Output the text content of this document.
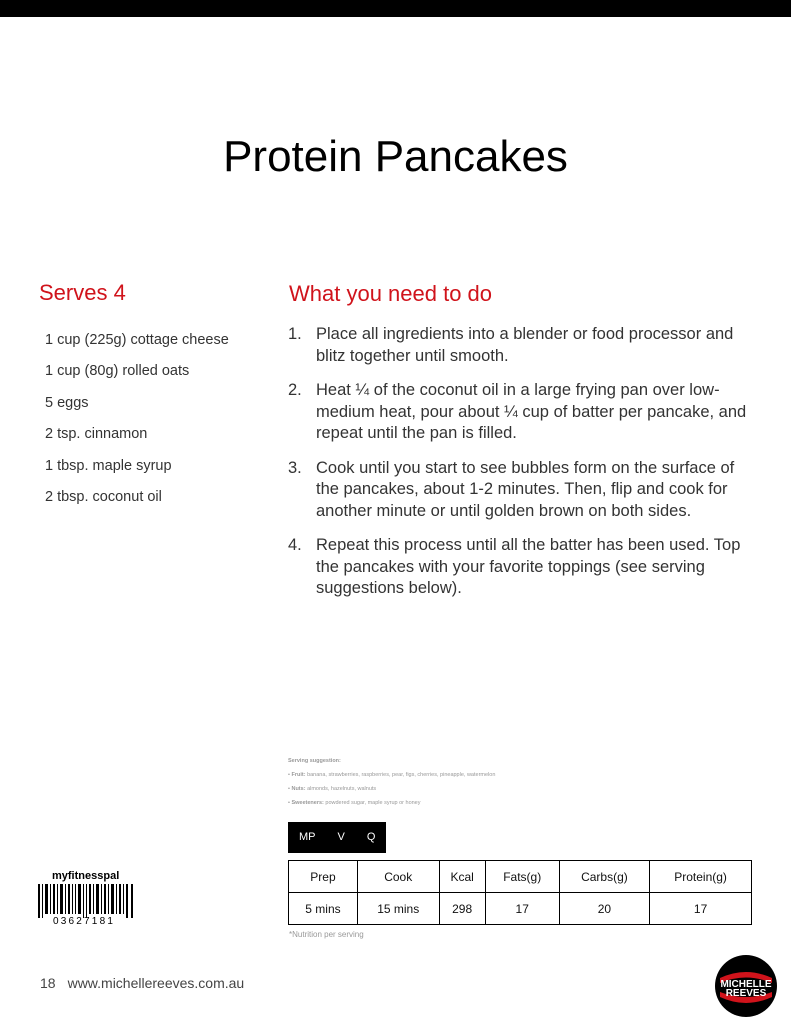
Protein Pancakes
Serves 4
1 cup (225g) cottage cheese
1 cup (80g) rolled oats
5 eggs
2 tsp. cinnamon
1 tbsp. maple syrup
2 tbsp. coconut oil
What you need to do
1. Place all ingredients into a blender or food processor and blitz together until smooth.
2. Heat ¼ of the coconut oil in a large frying pan over low-medium heat, pour about ¼ cup of batter per pancake, and repeat until the pan is filled.
3. Cook until you start to see bubbles form on the surface of the pancakes, about 1-2 minutes. Then, flip and cook for another minute or until golden brown on both sides.
4. Repeat this process until all the batter has been used. Top the pancakes with your favorite toppings (see serving suggestions below).
Serving suggestion:
• Fruit: banana, strawberries, raspberries, pear, figs, cherries, pineapple, watermelon
• Nuts: almonds, hazelnuts, walnuts
• Sweeteners: powdered sugar, maple syrup or honey
MP	V	Q
Prep	Cook	Kcal	Fats(g)	Carbs(g)	Protein(g)
5 mins	15 mins	298	17	20	17
*Nutrition per serving
myfitnesspal
03627181
18 www.michellereeves.com.au	MICHELLE
REEVES
